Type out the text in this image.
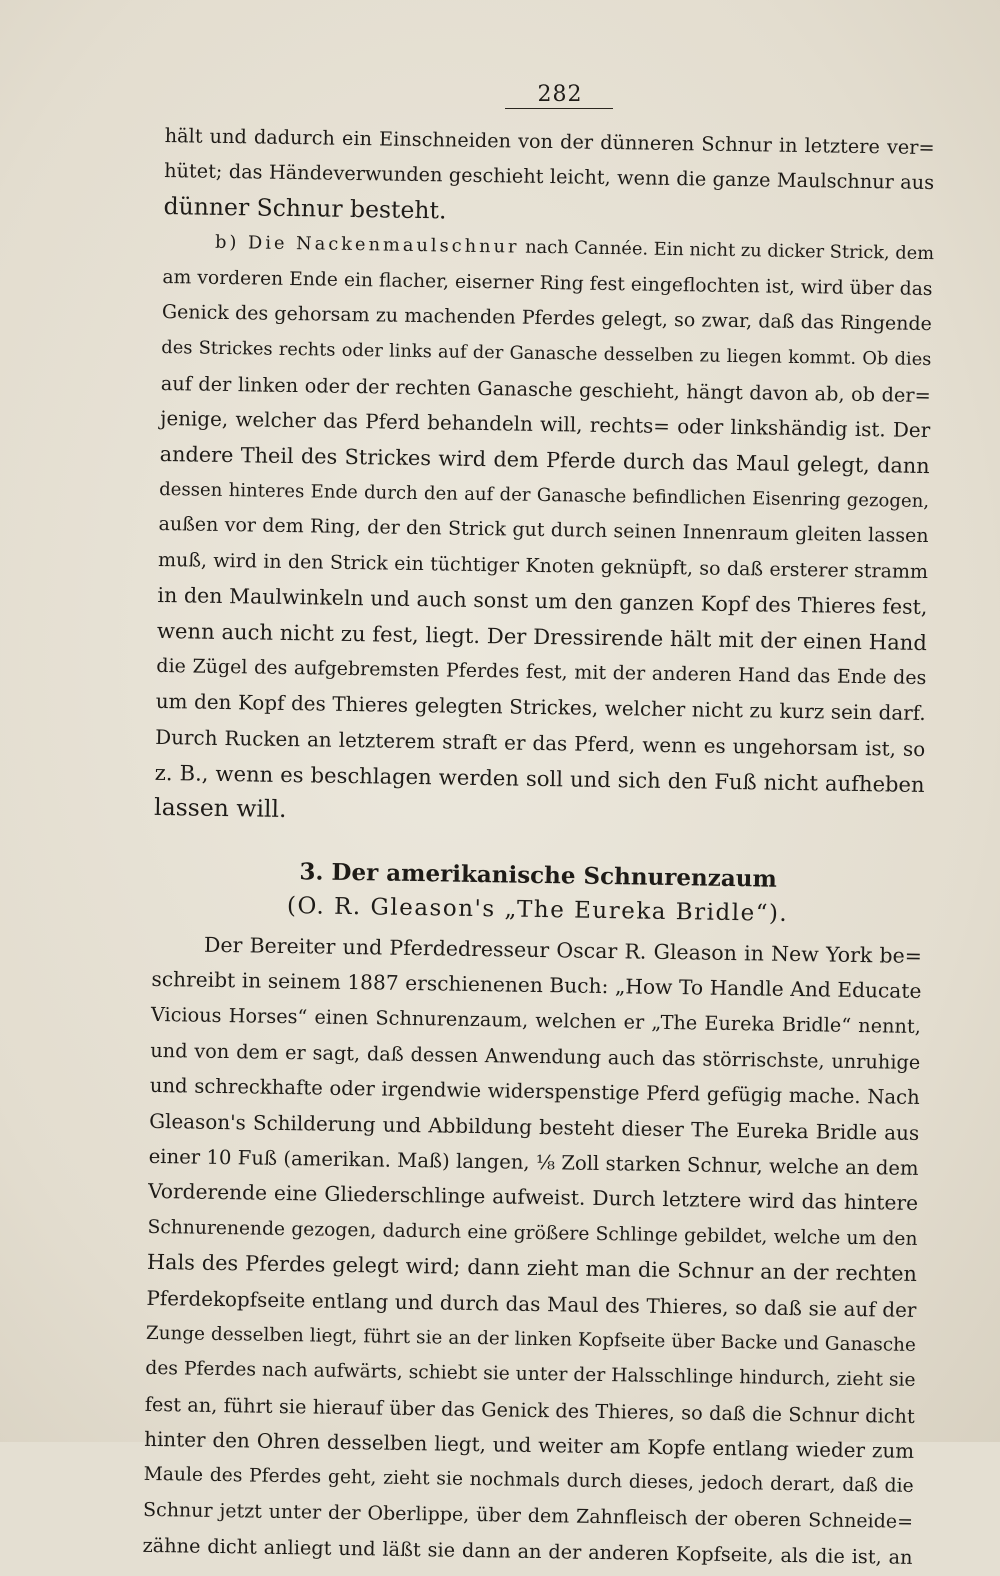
282
hält und dadurch ein Einschneiden von der dünneren Schnur in letztere ver=
hütet; das Händeverwunden geschieht leicht, wenn die ganze Maulschnur aus
dünner Schnur besteht.
b) Die Nackenmaulschnur nach Cannée. Ein nicht zu dicker Strick, dem
am vorderen Ende ein flacher, eiserner Ring fest eingeflochten ist, wird über das
Genick des gehorsam zu machenden Pferdes gelegt, so zwar, daß das Ringende
des Strickes rechts oder links auf der Ganasche desselben zu liegen kommt. Ob dies
auf der linken oder der rechten Ganasche geschieht, hängt davon ab, ob der=
jenige, welcher das Pferd behandeln will, rechts= oder linkshändig ist. Der
andere Theil des Strickes wird dem Pferde durch das Maul gelegt, dann
dessen hinteres Ende durch den auf der Ganasche befindlichen Eisenring gezogen,
außen vor dem Ring, der den Strick gut durch seinen Innenraum gleiten lassen
muß, wird in den Strick ein tüchtiger Knoten geknüpft, so daß ersterer stramm
in den Maulwinkeln und auch sonst um den ganzen Kopf des Thieres fest,
wenn auch nicht zu fest, liegt. Der Dressirende hält mit der einen Hand
die Zügel des aufgebremsten Pferdes fest, mit der anderen Hand das Ende des
um den Kopf des Thieres gelegten Strickes, welcher nicht zu kurz sein darf.
Durch Rucken an letzterem straft er das Pferd, wenn es ungehorsam ist, so
z. B., wenn es beschlagen werden soll und sich den Fuß nicht aufheben
lassen will.
3. Der amerikanische Schnurenzaum
(O. R. Gleason's „The Eureka Bridle“).
Der Bereiter und Pferdedresseur Oscar R. Gleason in New York be=
schreibt in seinem 1887 erschienenen Buch: „How To Handle And Educate
Vicious Horses“ einen Schnurenzaum, welchen er „The Eureka Bridle“ nennt,
und von dem er sagt, daß dessen Anwendung auch das störrischste, unruhige
und schreckhafte oder irgendwie widerspenstige Pferd gefügig mache. Nach
Gleason's Schilderung und Abbildung besteht dieser The Eureka Bridle aus
einer 10 Fuß (amerikan. Maß) langen, ⅛ Zoll starken Schnur, welche an dem
Vorderende eine Gliederschlinge aufweist. Durch letztere wird das hintere
Schnurenende gezogen, dadurch eine größere Schlinge gebildet, welche um den
Hals des Pferdes gelegt wird; dann zieht man die Schnur an der rechten
Pferdekopfseite entlang und durch das Maul des Thieres, so daß sie auf der
Zunge desselben liegt, führt sie an der linken Kopfseite über Backe und Ganasche
des Pferdes nach aufwärts, schiebt sie unter der Halsschlinge hindurch, zieht sie
fest an, führt sie hierauf über das Genick des Thieres, so daß die Schnur dicht
hinter den Ohren desselben liegt, und weiter am Kopfe entlang wieder zum
Maule des Pferdes geht, zieht sie nochmals durch dieses, jedoch derart, daß die
Schnur jetzt unter der Oberlippe, über dem Zahnfleisch der oberen Schneide=
zähne dicht anliegt und läßt sie dann an der anderen Kopfseite, als die ist, an
